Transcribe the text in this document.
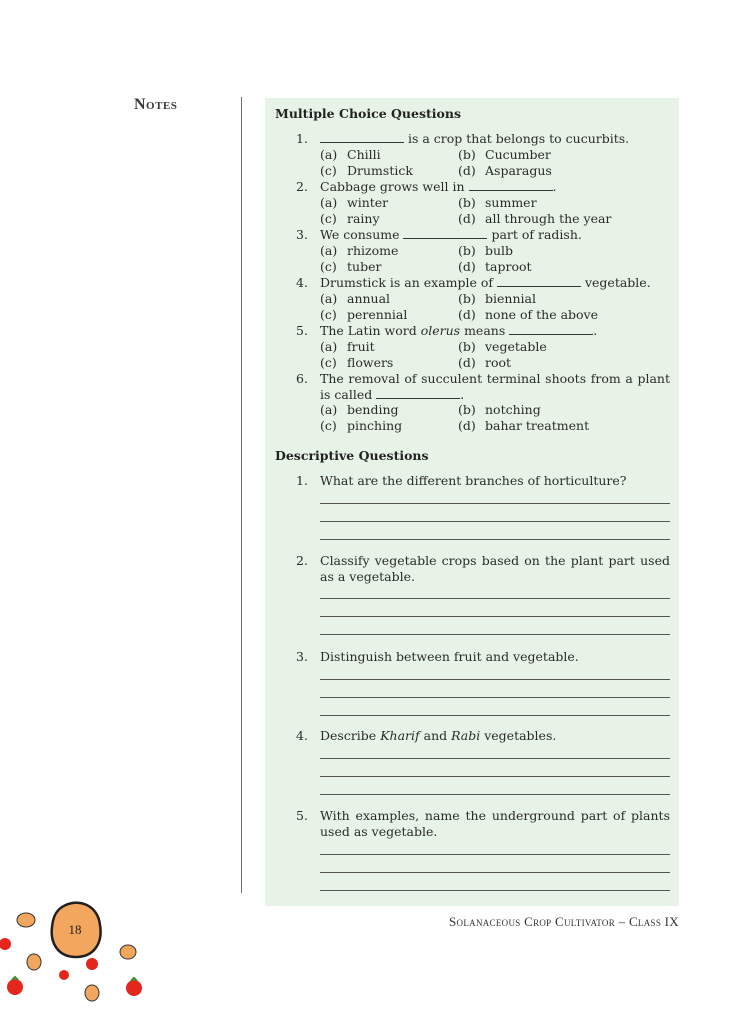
Notes
Multiple Choice Questions
1.	is a crop that belongs to cucurbits.
(a) Chilli	(b) Cucumber
(c) Drumstick	(d) Asparagus
2. Cabbage grows well in	.
(a) winter	(b) summer
(c) rainy	(d) all through the year
3. We consume	part of radish.
(a) rhizome	(b) bulb
(c) tuber	(d) taproot
4. Drumstick is an example of	vegetable.
(a) annual	(b) biennial
(c) perennial	(d) none of the above
5. The Latin word olerus means	.
(a) fruit	(b) vegetable
(c) flowers	(d) root
6. The removal of succulent terminal shoots from a plant is called	.
(a) bending	(b) notching
(c) pinching	(d) bahar treatment
Descriptive Questions
1. What are the different branches of horticulture?
2. Classify vegetable crops based on the plant part used as a vegetable.
3. Distinguish between fruit and vegetable.
4. Describe Kharif and Rabi vegetables.
5. With examples, name the underground part of plants used as vegetable.
Solanaceous Crop Cultivator – Class IX
18
